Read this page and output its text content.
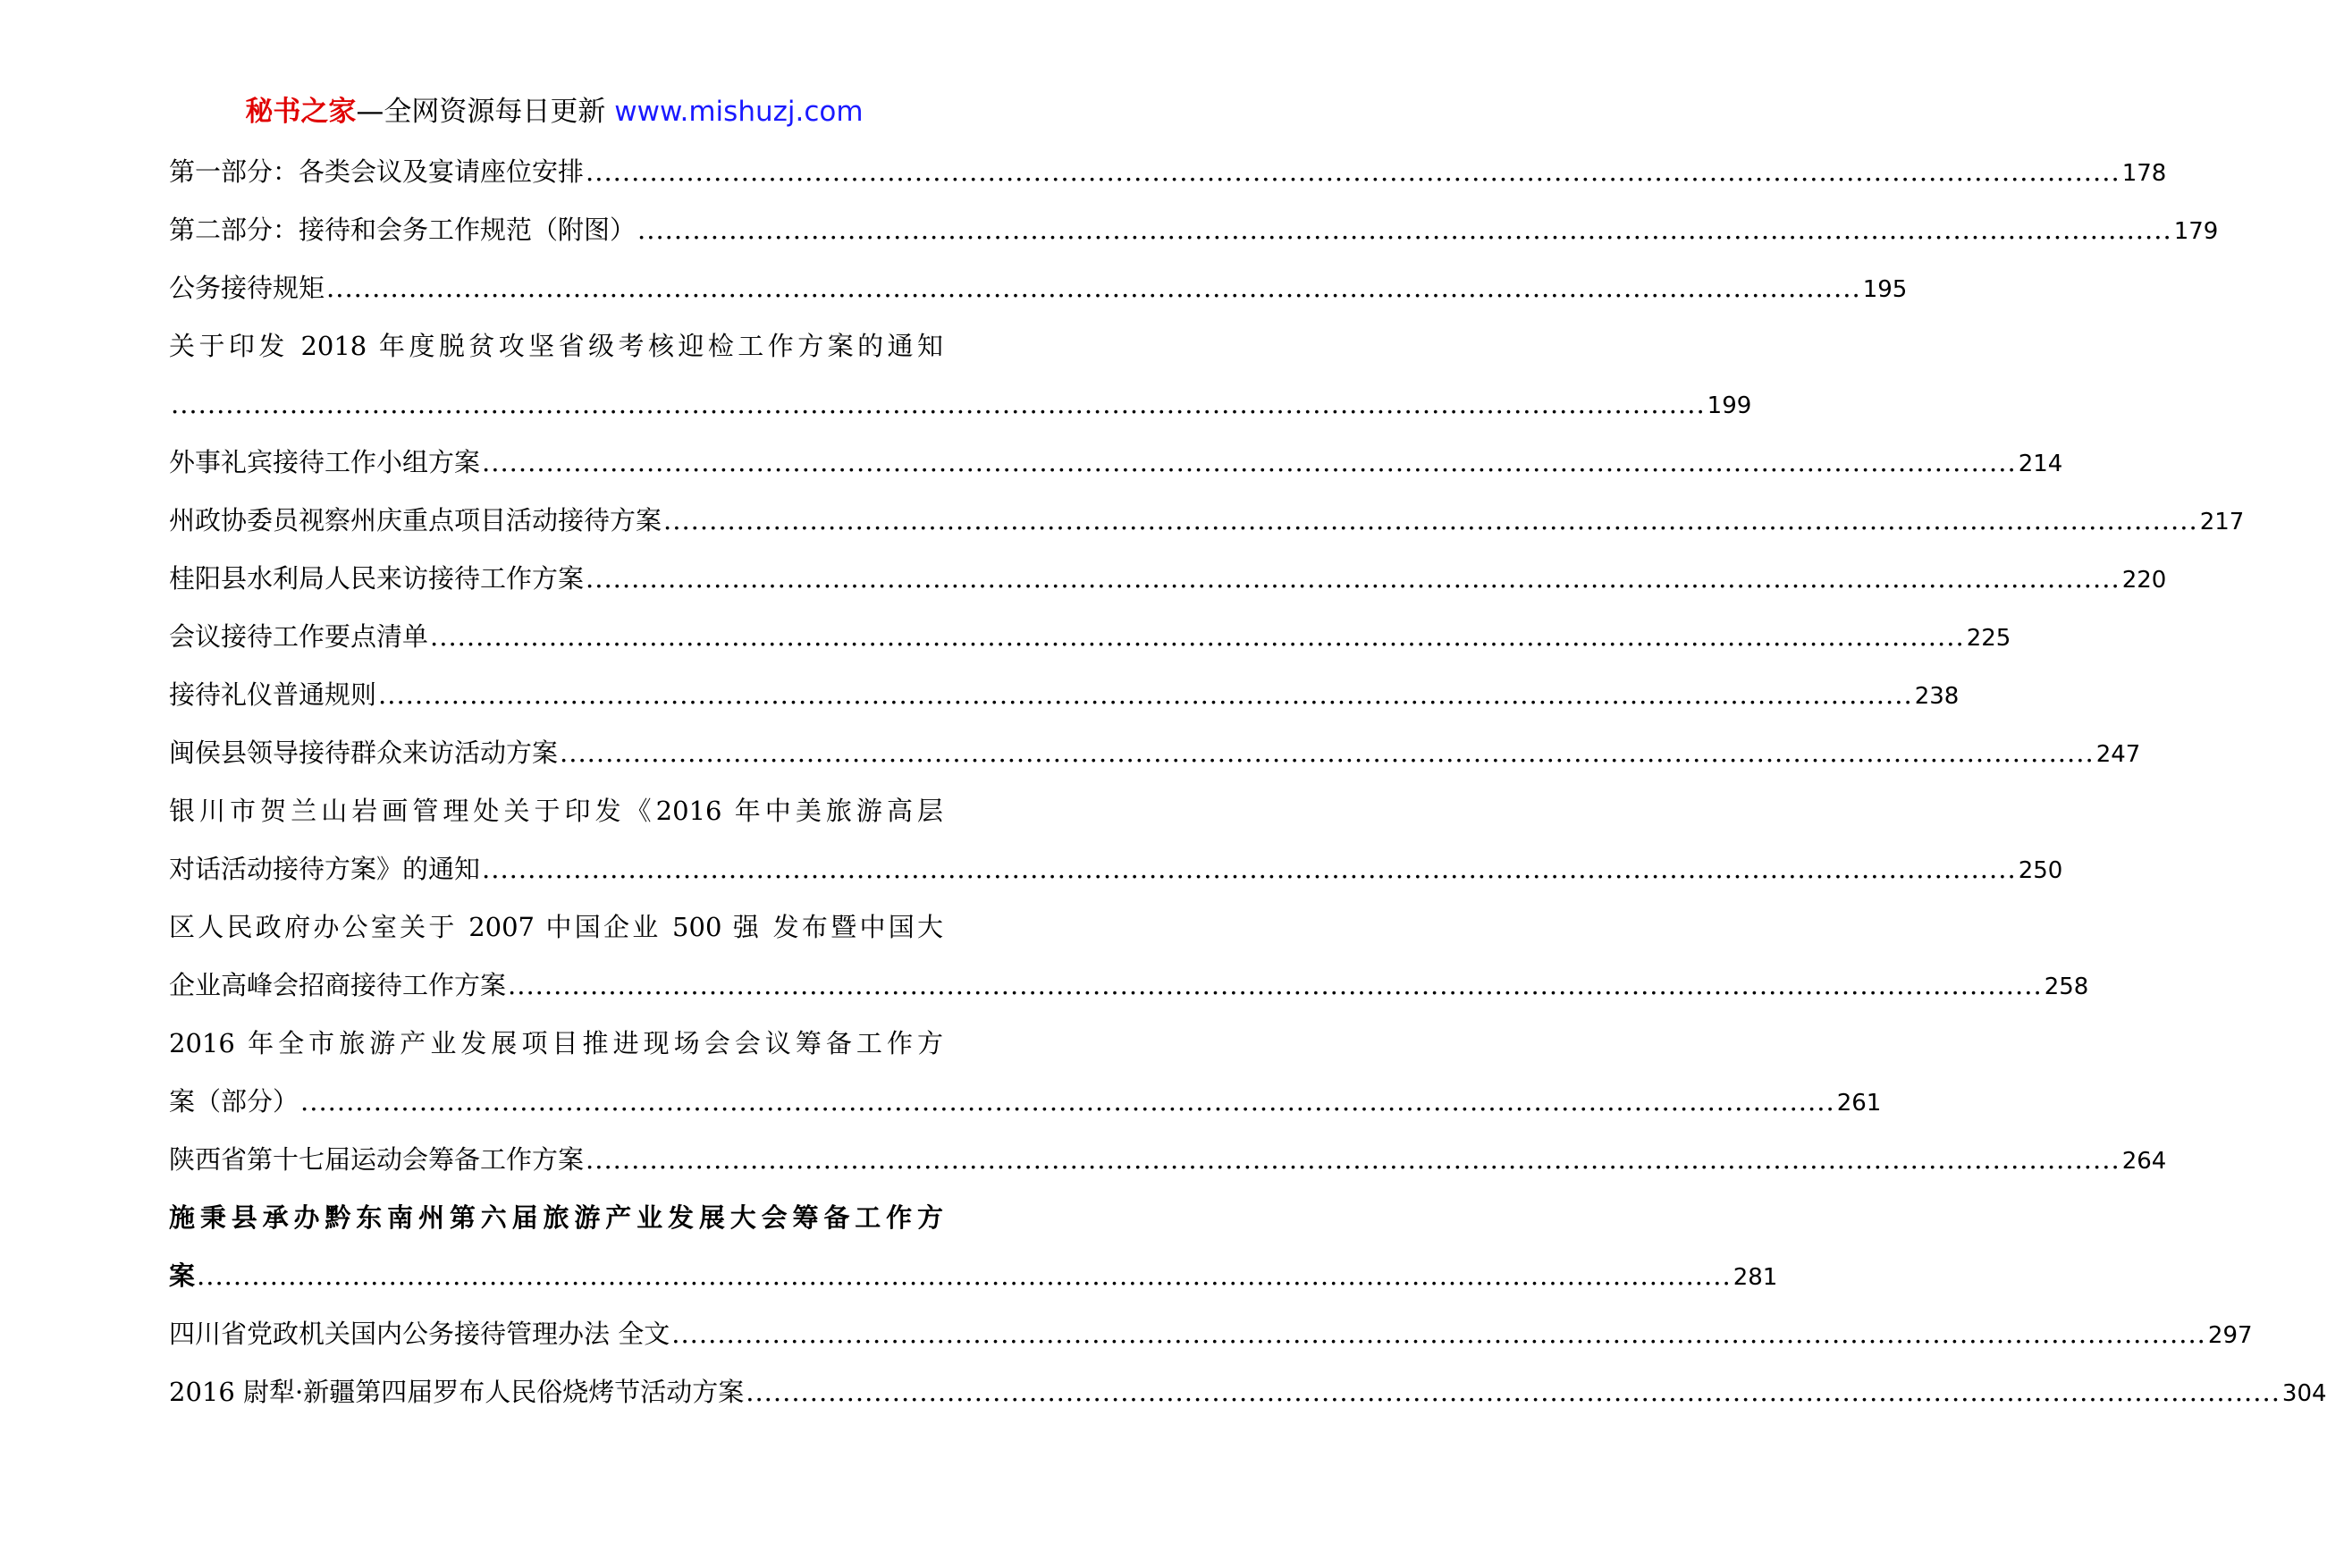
秘书之家—全网资源每日更新 www.mishuzj.com
第一部分：各类会议及宴请座位安排 ........................................................................................................................................................................ 178
第二部分：接待和会务工作规范（附图） ........................................................................................................................................................................ 179
公务接待规矩 ........................................................................................................................................................................ 195
关于印发 2018 年度脱贫攻坚省级考核迎检工作方案的通知
........................................................................................................................................................................ 199
外事礼宾接待工作小组方案 ........................................................................................................................................................................ 214
州政协委员视察州庆重点项目活动接待方案 ........................................................................................................................................................................ 217
桂阳县水利局人民来访接待工作方案 ........................................................................................................................................................................ 220
会议接待工作要点清单 ........................................................................................................................................................................ 225
接待礼仪普通规则 ........................................................................................................................................................................ 238
闽侯县领导接待群众来访活动方案 ........................................................................................................................................................................ 247
银川市贺兰山岩画管理处关于印发《2016 年中美旅游高层
对话活动接待方案》的通知 ........................................................................................................................................................................ 250
区人民政府办公室关于 2007 中国企业 500 强 发布暨中国大
企业高峰会招商接待工作方案 ........................................................................................................................................................................ 258
2016 年全市旅游产业发展项目推进现场会会议筹备工作方
案（部分） ........................................................................................................................................................................ 261
陕西省第十七届运动会筹备工作方案 ........................................................................................................................................................................ 264
施秉县承办黔东南州第六届旅游产业发展大会筹备工作方
案 ........................................................................................................................................................................ 281
四川省党政机关国内公务接待管理办法 全文 ........................................................................................................................................................................ 297
2016 尉犁·新疆第四届罗布人民俗烧烤节活动方案 ........................................................................................................................................................................ 304
